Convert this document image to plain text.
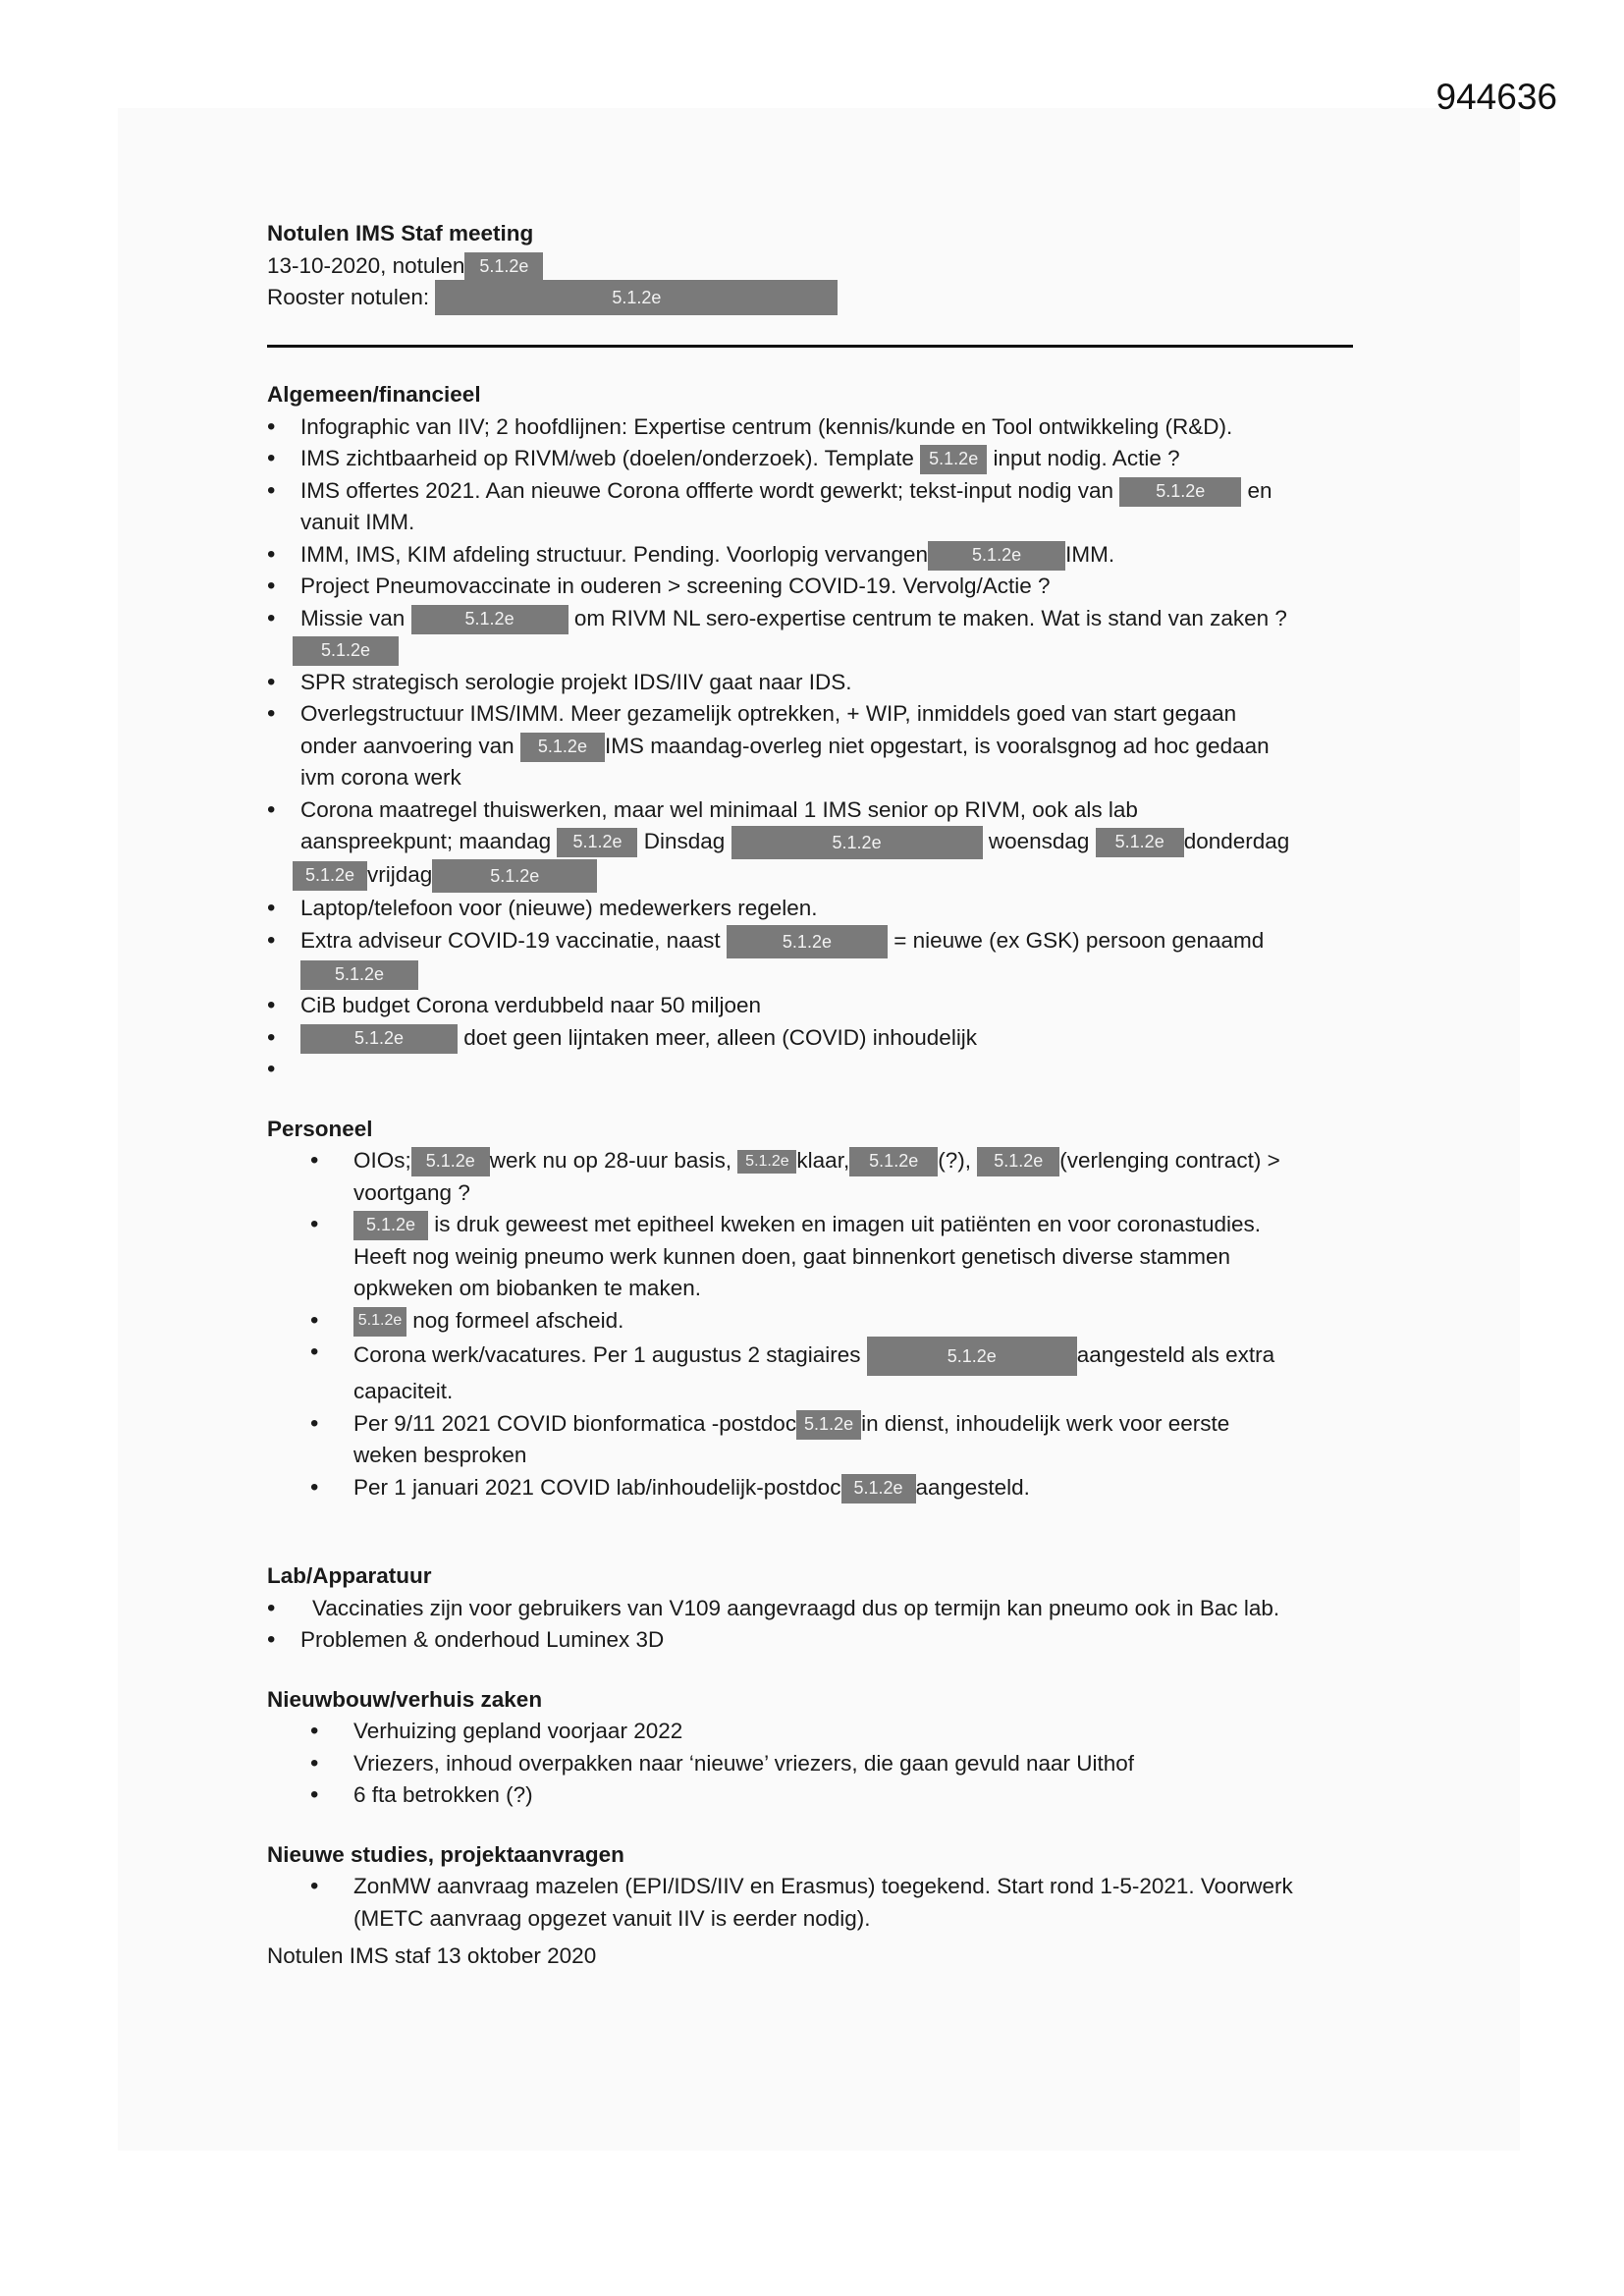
944636
Notulen IMS Staf meeting
13-10-2020, notulen 5.1.2e
Rooster notulen:	5.1.2e
Algemeen/financieel
• Infographic van IIV; 2 hoofdlijnen: Expertise centrum (kennis/kunde en Tool ontwikkeling (R&D).
• IMS zichtbaarheid op RIVM/web (doelen/onderzoek). Template 5.1.2e input nodig. Actie ?
• IMS offertes 2021. Aan nieuwe Corona offferte wordt gewerkt; tekst-input nodig van 5.1.2e en
vanuit IMM.
• IMM, IMS, KIM afdeling structuur. Pending. Voorlopig vervangen 5.1.2e IMM.
• Project Pneumovaccinate in ouderen > screening COVID-19. Vervolg/Actie ?
• Missie van	5.1.2e	om RIVM NL sero-expertise centrum te maken. Wat is stand van zaken ?
5.1.2e
• SPR strategisch serologie projekt IDS/IIV gaat naar IDS.
• Overlegstructuur IMS/IMM. Meer gezamelijk optrekken, + WIP, inmiddels goed van start gegaan
onder aanvoering van 5.1.2e IMS maandag-overleg niet opgestart, is vooralsgnog ad hoc gedaan
ivm corona werk
• Corona maatregel thuiswerken, maar wel minimaal 1 IMS senior op RIVM, ook als lab
aanspreekpunt; maandag 5.1.2e Dinsdag	5.1.2e	woensdag 5.1.2e donderdag
5.1.2e vrijdag	5.1.2e
• Laptop/telefoon voor (nieuwe) medewerkers regelen.
• Extra adviseur COVID-19 vaccinatie, naast	5.1.2e	= nieuwe (ex GSK) persoon genaamd
5.1.2e
• CiB budget Corona verdubbeld naar 50 miljoen
• 5.1.2e	doet geen lijntaken meer, alleen (COVID) inhoudelijk
•
Personeel
• OIOs; 5.1.2e werk nu op 28-uur basis, 5.1.2e klaar, 5.1.2e (?), 5.1.2e (verlenging contract) >
voortgang ?
• 5.1.2e is druk geweest met epitheel kweken en imagen uit patiënten en voor coronastudies.
Heeft nog weinig pneumo werk kunnen doen, gaat binnenkort genetisch diverse stammen
opkweken om biobanken te maken.
• 5.1.2e nog formeel afscheid.
• Corona werk/vacatures. Per 1 augustus 2 stagiaires	5.1.2e	aangesteld als extra
capaciteit.
• Per 9/11 2021 COVID bionformatica -postdoc 5.1.2e in dienst, inhoudelijk werk voor eerste
weken besproken
• Per 1 januari 2021 COVID lab/inhoudelijk-postdoc 5.1.2e aangesteld.
Lab/Apparatuur
• Vaccinaties zijn voor gebruikers van V109 aangevraagd dus op termijn kan pneumo ook in Bac lab.
• Problemen & onderhoud Luminex 3D
Nieuwbouw/verhuis zaken
• Verhuizing gepland voorjaar 2022
• Vriezers, inhoud overpakken naar ‘nieuwe’ vriezers, die gaan gevuld naar Uithof
• 6 fta betrokken (?)
Nieuwe studies, projektaanvragen
• ZonMW aanvraag mazelen (EPI/IDS/IIV en Erasmus) toegekend. Start rond 1-5-2021. Voorwerk
(METC aanvraag opgezet vanuit IIV is eerder nodig).
Notulen IMS staf 13 oktober 2020
